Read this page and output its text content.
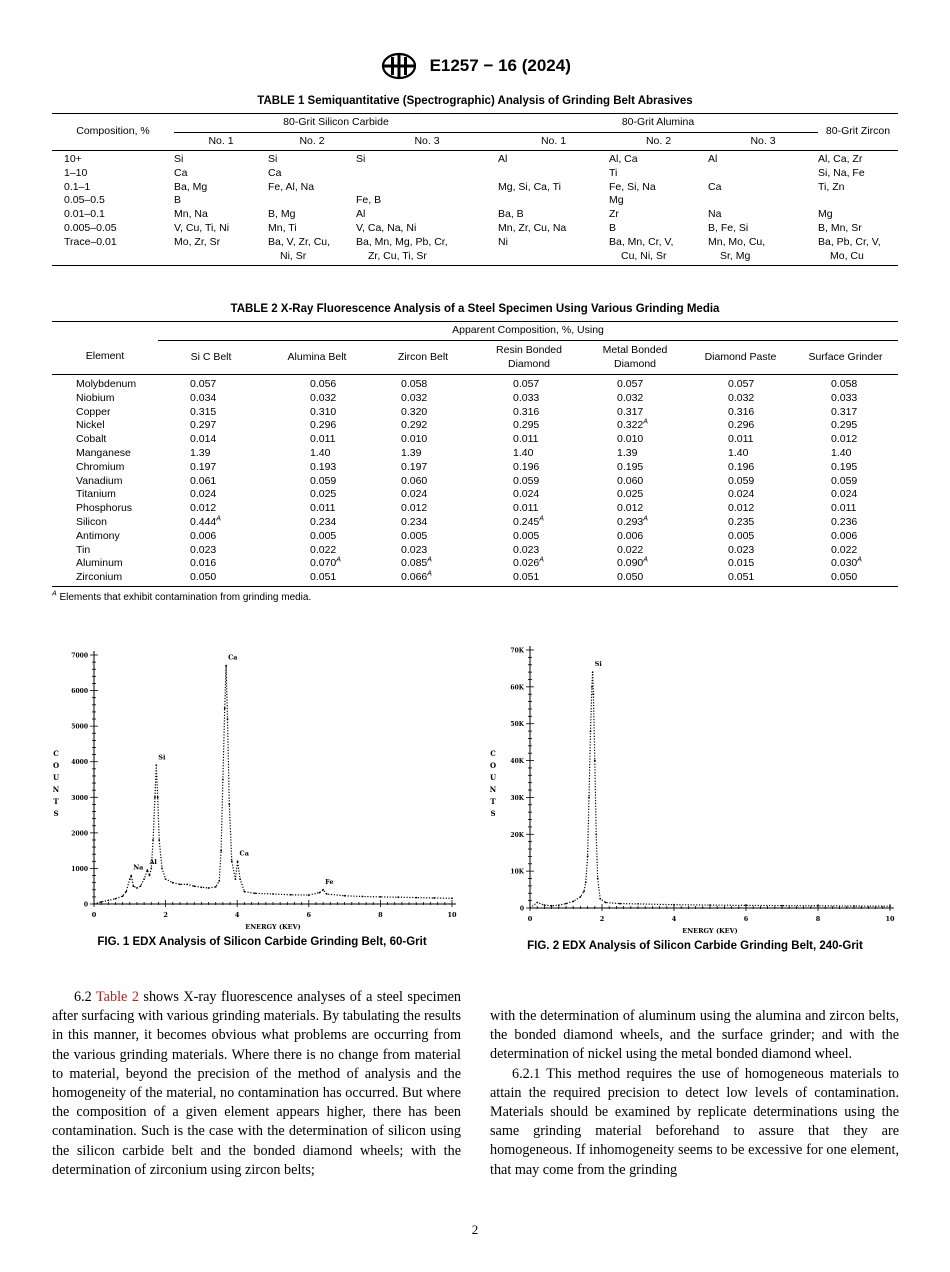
E1257 − 16 (2024)
TABLE 1 Semiquantitative (Spectrographic) Analysis of Grinding Belt Abrasives
Composition, %	80-Grit Silicon Carbide			80-Grit Alumina			80-Grit Zircon
	No. 1	No. 2	No. 3	No. 1	No. 2	No. 3	
10+	Si	Si	Si	Al	Al, Ca	Al	Al, Ca, Zr
1–10	Ca	Ca			Ti		Si, Na, Fe
0.1–1	Ba, Mg	Fe, Al, Na		Mg, Si, Ca, Ti	Fe, Si, Na	Ca	Ti, Zn
0.05–0.5	B		Fe, B		Mg		
0.01–0.1	Mn, Na	B, Mg	Al	Ba, B	Zr	Na	Mg
0.005–0.05	V, Cu, Ti, Ni	Mn, Ti	V, Ca, Na, Ni	Mn, Zr, Cu, Na	B	B, Fe, Si	B, Mn, Sr
Trace–0.01	Mo, Zr, Sr	Ba, V, Zr, Cu,	Ba, Mn, Mg, Pb, Cr,	Ni	Ba, Mn, Cr, V,	Mn, Mo, Cu,	Ba, Pb, Cr, V,
		Ni, Sr	Zr, Cu, Ti, Sr		Cu, Ni, Sr	Sr, Mg	Mo, Cu
TABLE 2 X-Ray Fluorescence Analysis of a Steel Specimen Using Various Grinding Media
	Apparent Composition, %, Using						
Element	Si C Belt	Alumina Belt	Zircon Belt	Resin Bonded Diamond	Metal Bonded Diamond	Diamond Paste	Surface Grinder
Molybdenum	0.057	0.056	0.058	0.057	0.057	0.057	0.058
Niobium	0.034	0.032	0.032	0.033	0.032	0.032	0.033
Copper	0.315	0.310	0.320	0.316	0.317	0.316	0.317
Nickel	0.297	0.296	0.292	0.295	$0.322^A$	0.296	0.295
Cobalt	0.014	0.011	0.010	0.011	0.010	0.011	0.012
Manganese	1.39	1.40	1.39	1.40	1.39	1.40	1.40
Chromium	0.197	0.193	0.197	0.196	0.195	0.196	0.195
Vanadium	0.061	0.059	0.060	0.059	0.060	0.059	0.059
Titanium	0.024	0.025	0.024	0.024	0.025	0.024	0.024
Phosphorus	0.012	0.011	0.012	0.011	0.012	0.012	0.011
Silicon	$0.444^A$	0.234	0.234	$0.245^A$	$0.293^A$	0.235	0.236
Antimony	0.006	0.005	0.005	0.005	0.006	0.005	0.006
Tin	0.023	0.022	0.023	0.023	0.022	0.023	0.022
Aluminum	0.016	$0.070^A$	$0.085^A$	$0.026^A$	$0.090^A$	0.015	$0.030^A$
Zirconium	0.050	0.051	$0.066^A$	0.051	0.050	0.051	0.050
$^A$ Elements that exhibit contamination from grinding media.
0
1000
2000
3000
4000
5000
6000
7000
0	2	4	6	8	10
ENERGY (KEV)
Na
Al
Si
Ca
Ca
Fe
C
O
U
N
T
S
FIG. 1 EDX Analysis of Silicon Carbide Grinding Belt, 60-Grit
0
10K
20K
30K
40K
50K
60K
70K
0	2	4	6	8	10
ENERGY (KEV)
Si
C
O
U
N
T
S
FIG. 2 EDX Analysis of Silicon Carbide Grinding Belt, 240-Grit

6.2 Table 2 shows X-ray fluorescence analyses of a steel specimen after surfacing with various grinding materials. By tabulating the results in this manner, it becomes obvious what problems are occurring from the various grinding materials. Where there is no change from material to material, beyond the precision of the method of analysis and the homogeneity of the material, no contamination has occurred. But where the composition of a given element appears higher, there has been contamination. Such is the case with the determination of silicon using the silicon carbide belt and the bonded diamond wheels; with the determination of zirconium using zircon belts;

with the determination of aluminum using the alumina and zircon belts, the bonded diamond wheels, and the surface grinder; and with the determination of nickel using the metal bonded diamond wheel.

6.2.1 This method requires the use of homogeneous materials to attain the required precision to detect low levels of contamination. Materials should be examined by replicate determinations using the same grinding material beforehand to assure that they are homogeneous. If inhomogeneity seems to be excessive for one element, that may come from the grinding

2
